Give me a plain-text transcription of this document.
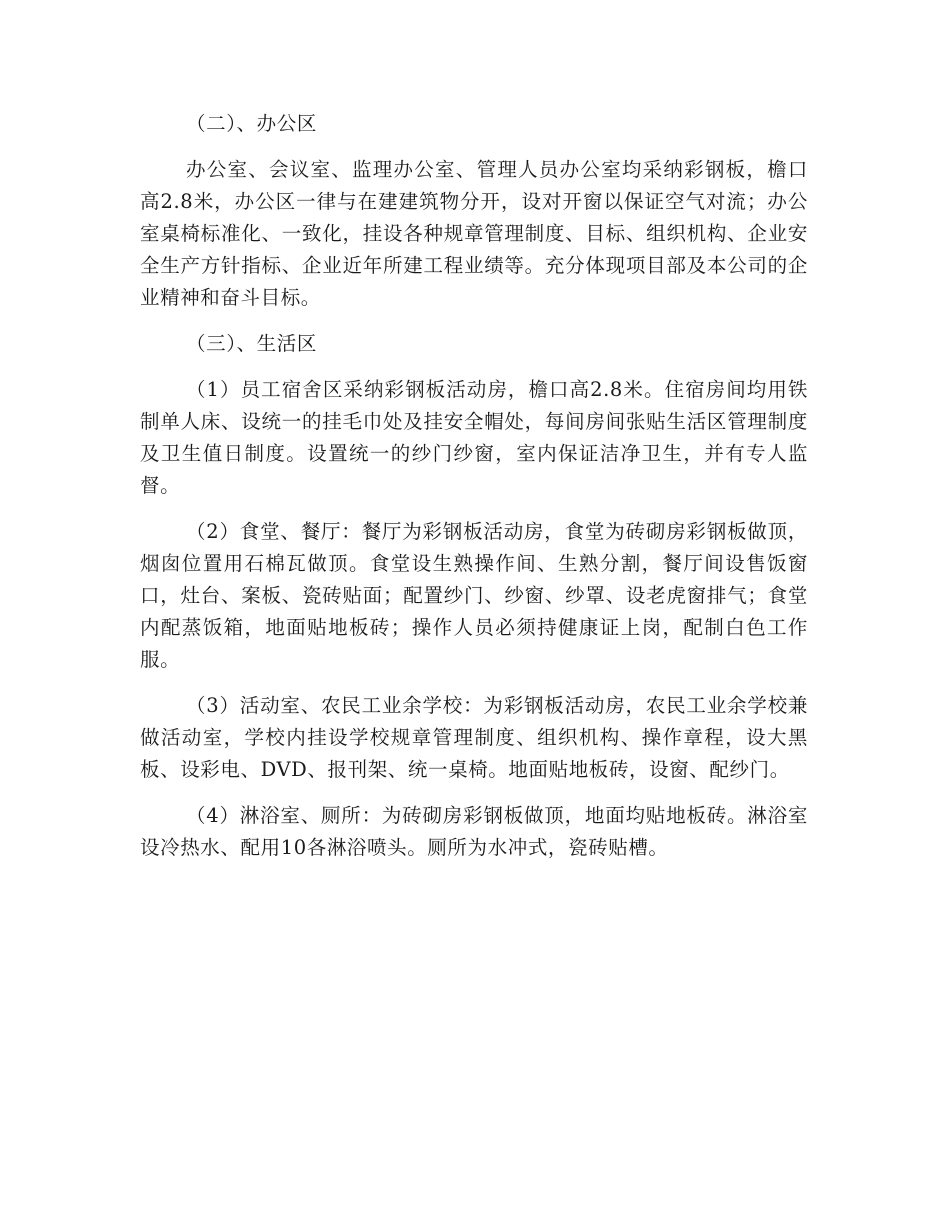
（二）、办公区

办公室、会议室、监理办公室、管理人员办公室均采纳彩钢板，檐口高2.8米，办公区一律与在建建筑物分开，设对开窗以保证空气对流；办公室桌椅标准化、一致化，挂设各种规章管理制度、目标、组织机构、企业安全生产方针指标、企业近年所建工程业绩等。充分体现项目部及本公司的企业精神和奋斗目标。

（三）、生活区

（1）员工宿舍区采纳彩钢板活动房，檐口高2.8米。住宿房间均用铁制单人床、设统一的挂毛巾处及挂安全帽处，每间房间张贴生活区管理制度及卫生值日制度。设置统一的纱门纱窗，室内保证洁净卫生，并有专人监督。

（2）食堂、餐厅：餐厅为彩钢板活动房，食堂为砖砌房彩钢板做顶，烟囱位置用石棉瓦做顶。食堂设生熟操作间、生熟分割，餐厅间设售饭窗口，灶台、案板、瓷砖贴面；配置纱门、纱窗、纱罩、设老虎窗排气；食堂内配蒸饭箱，地面贴地板砖；操作人员必须持健康证上岗，配制白色工作服。

（3）活动室、农民工业余学校：为彩钢板活动房，农民工业余学校兼做活动室，学校内挂设学校规章管理制度、组织机构、操作章程，设大黑板、设彩电、DVD、报刊架、统一桌椅。地面贴地板砖，设窗、配纱门。

（4）淋浴室、厕所：为砖砌房彩钢板做顶，地面均贴地板砖。淋浴室设冷热水、配用10各淋浴喷头。厕所为水冲式，瓷砖贴槽。
